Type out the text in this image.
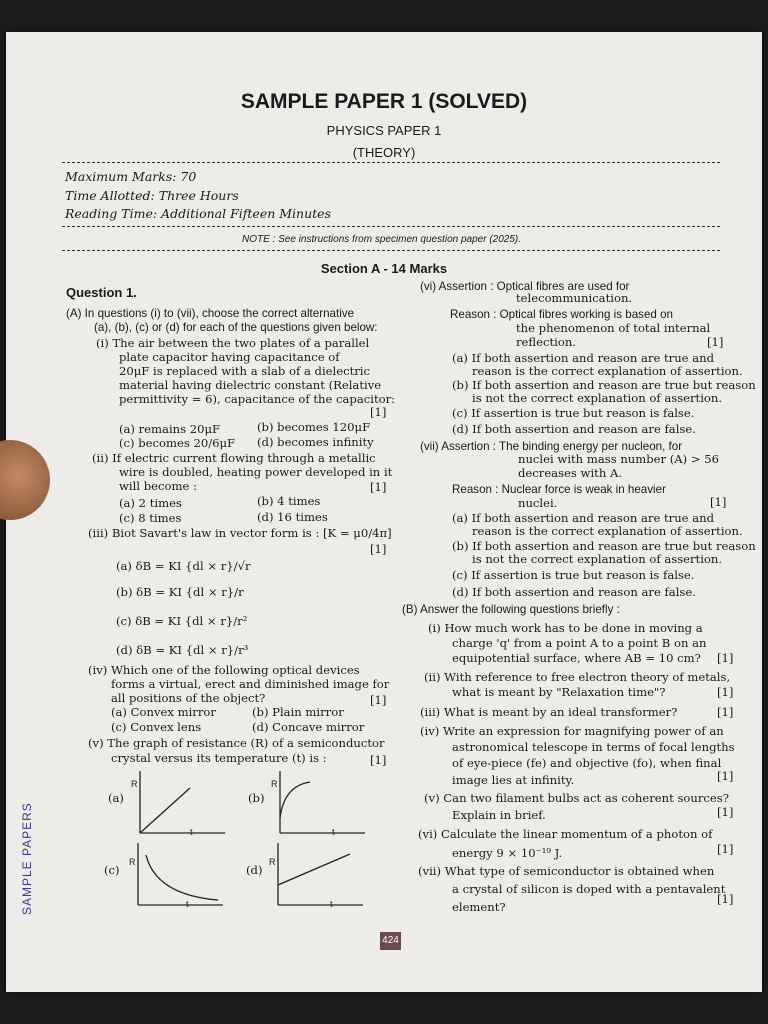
SAMPLE PAPER 1 (SOLVED)
PHYSICS PAPER 1
(THEORY)
Maximum Marks: 70
Time Allotted: Three Hours
Reading Time: Additional Fifteen Minutes
NOTE : See instructions from specimen question paper (2025).
Section A - 14 Marks
Question 1.
(A) In questions (i) to (vii), choose the correct alternative
(a), (b), (c) or (d) for each of the questions given below:
(i) The air between the two plates of a parallel
plate capacitor having capacitance of
20μF is replaced with a slab of a dielectric
material having dielectric constant (Relative
permittivity = 6), capacitance of the capacitor:
[1]
(a) remains 20μF	(b) becomes 120μF
(c) becomes 20/6μF (d) becomes infinity
(ii) If electric current flowing through a metallic
wire is doubled, heating power developed in it
will become :	[1]
(a) 2 times	(b) 4 times
(c) 8 times	(d) 16 times
(iii) Biot Savart's law in vector form is : [K = μ0/4π]
[1]
(a) δB = KI {dl × r}/√r
(b) δB = KI {dl × r}/r
(c) δB = KI {dl × r}/r²
(d) δB = KI {dl × r}/r³
(iv) Which one of the following optical devices
forms a virtual, erect and diminished image for
all positions of the object?	[1]
(a) Convex mirror	(b) Plain mirror
(c) Convex lens	(d) Concave mirror
(v) The graph of resistance (R) of a semiconductor
crystal versus its temperature (t) is :	[1]
(a)
R
t
(b)
R
t
(c)
R
t
(d)
R
t
(vi) Assertion : Optical fibres are used for
telecommunication.
Reason : Optical fibres working is based on
the phenomenon of total internal
reflection.	[1]
(a) If both assertion and reason are true and
reason is the correct explanation of assertion.
(b) If both assertion and reason are true but reason
is not the correct explanation of assertion.
(c) If assertion is true but reason is false.
(d) If both assertion and reason are false.
(vii) Assertion : The binding energy per nucleon, for
nuclei with mass number (A) > 56
decreases with A.
Reason : Nuclear force is weak in heavier
nuclei.	[1]
(a) If both assertion and reason are true and
reason is the correct explanation of assertion.
(b) If both assertion and reason are true but reason
is not the correct explanation of assertion.
(c) If assertion is true but reason is false.
(d) If both assertion and reason are false.
(B) Answer the following questions briefly :
(i) How much work has to be done in moving a
charge 'q' from a point A to a point B on an
equipotential surface, where AB = 10 cm? [1]
(ii) With reference to free electron theory of metals,
what is meant by "Relaxation time"?	[1]
(iii) What is meant by an ideal transformer?	[1]
(iv) Write an expression for magnifying power of an
astronomical telescope in terms of focal lengths
of eye-piece (fe) and objective (fo), when final
image lies at infinity.	[1]
(v) Can two filament bulbs act as coherent sources?
Explain in brief.	[1]
(vi) Calculate the linear momentum of a photon of
energy 9 × 10⁻¹⁹ J.	[1]
(vii) What type of semiconductor is obtained when
a crystal of silicon is doped with a pentavalent
element?
[1]
SAMPLE PAPERS
424
